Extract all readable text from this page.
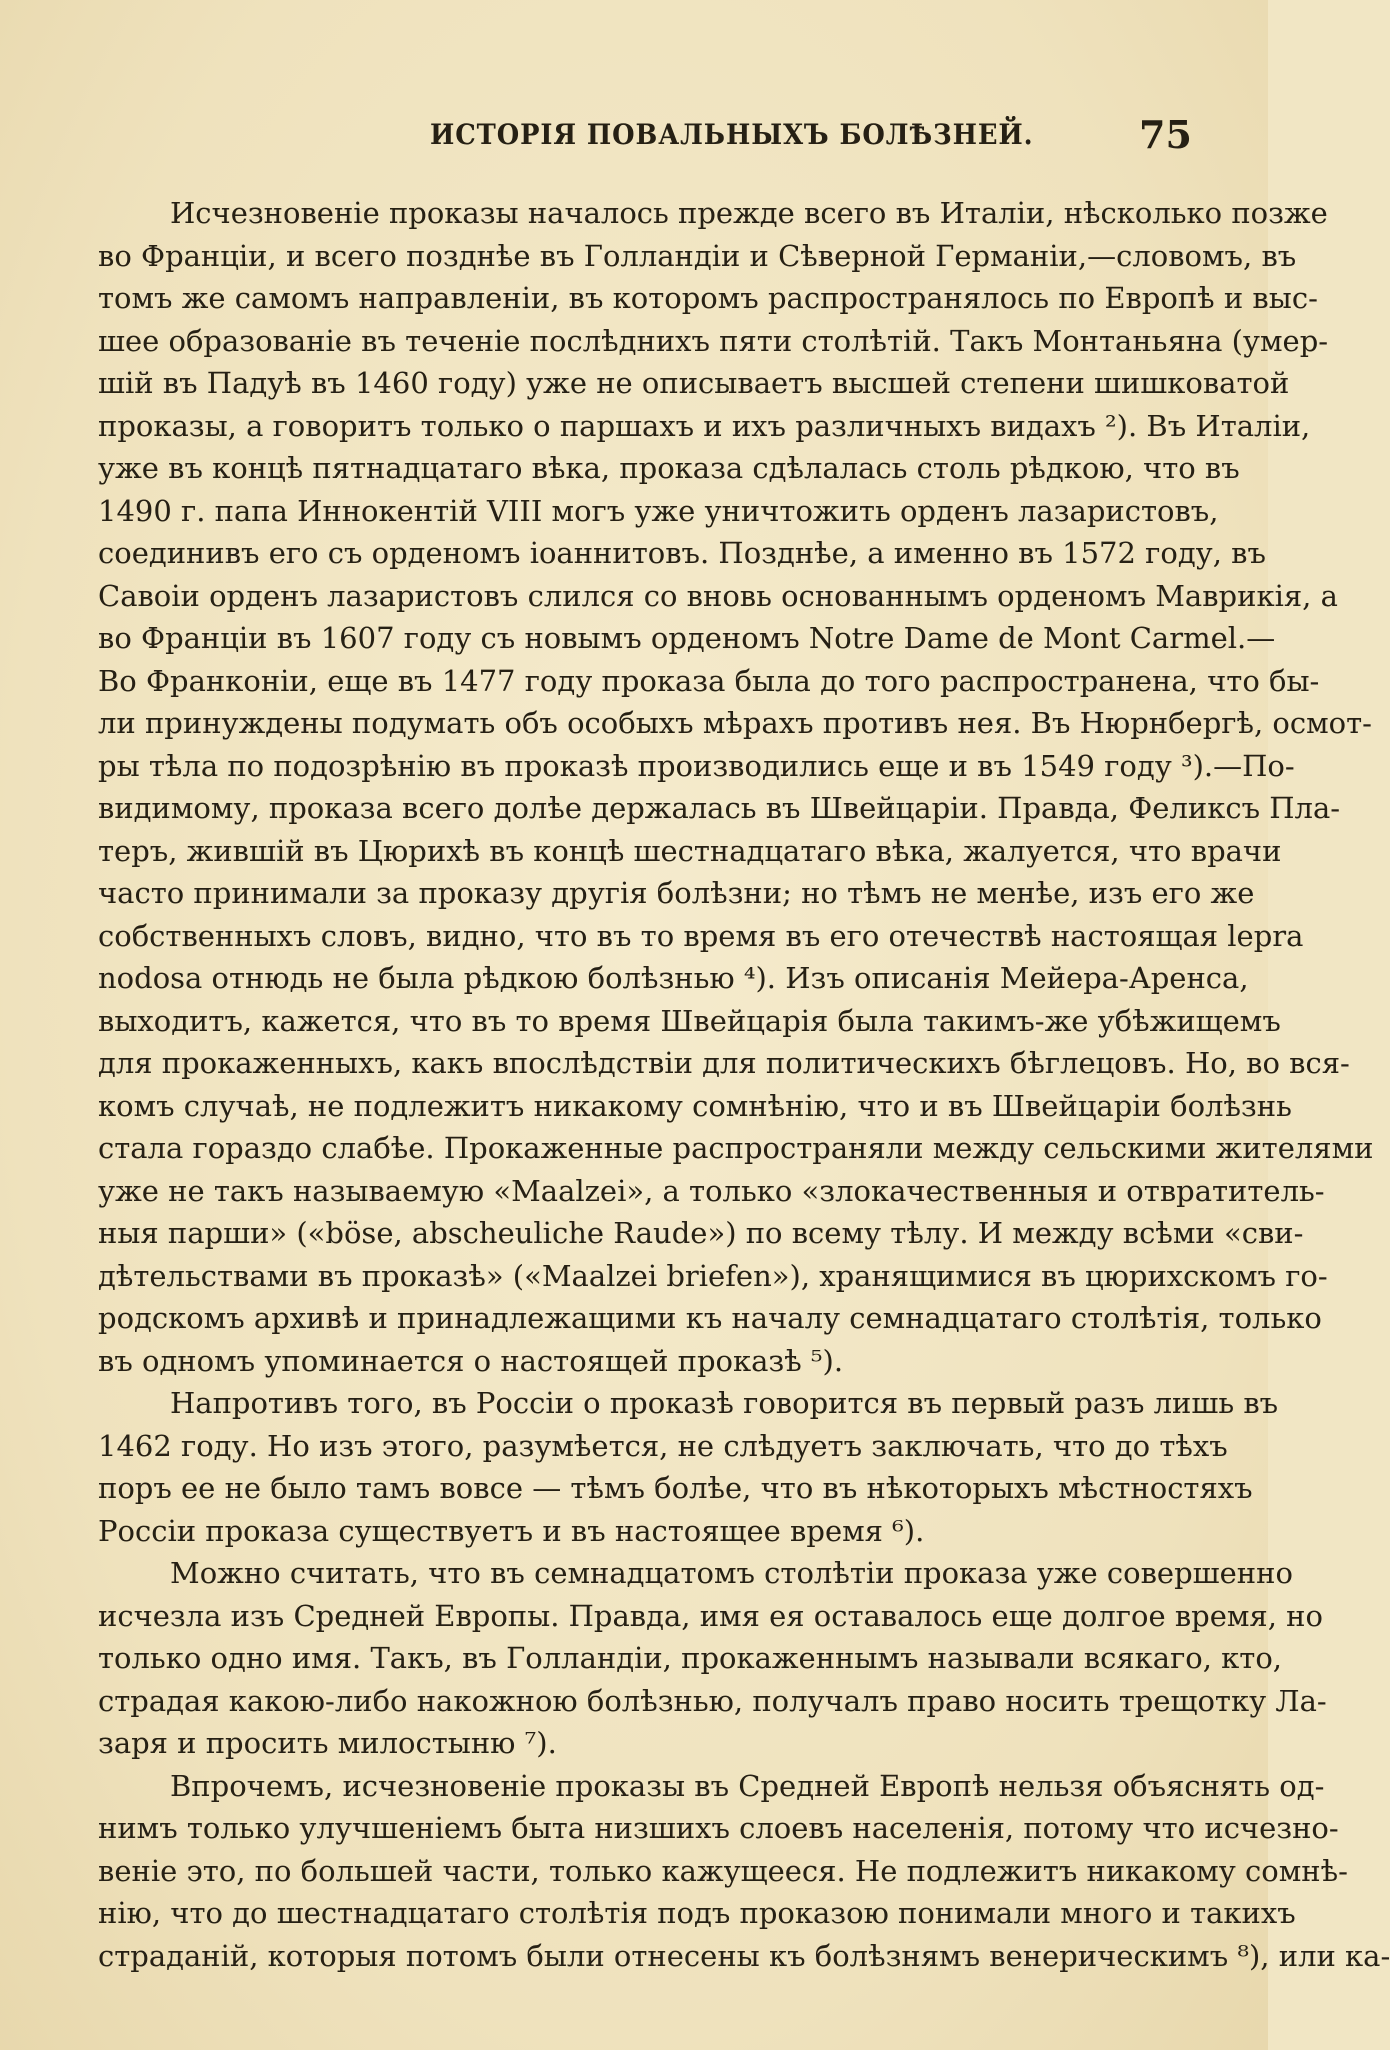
ИСТОРІЯ ПОВАЛЬНЫХЪ БОЛѢЗНЕЙ.	75
Исчезновеніе проказы началось прежде всего въ Италіи, нѣсколько позже
во Франціи, и всего позднѣе въ Голландіи и Сѣверной Германіи,—словомъ, въ
томъ же самомъ направленіи, въ которомъ распространялось по Европѣ и выс-
шее образованіе въ теченіе послѣднихъ пяти столѣтій. Такъ Монтаньяна (умер-
шій въ Падуѣ въ 1460 году) уже не описываетъ высшей степени шишковатой
проказы, а говоритъ только о паршахъ и ихъ различныхъ видахъ ²). Въ Италіи,
уже въ концѣ пятнадцатаго вѣка, проказа сдѣлалась столь рѣдкою, что въ
1490 г. папа Иннокентій VIII могъ уже уничтожить орденъ лазаристовъ,
соединивъ его съ орденомъ іоаннитовъ. Позднѣе, а именно въ 1572 году, въ
Савоіи орденъ лазаристовъ слился со вновь основаннымъ орденомъ Маврикія, а
во Франціи въ 1607 году съ новымъ орденомъ Notre Dame de Mont Carmel.—
Во Франконіи, еще въ 1477 году проказа была до того распространена, что бы-
ли принуждены подумать объ особыхъ мѣрахъ противъ нея. Въ Нюрнбергѣ, осмот-
ры тѣла по подозрѣнію въ проказѣ производились еще и въ 1549 году ³).—По-
видимому, проказа всего долѣе держалась въ Швейцаріи. Правда, Феликсъ Пла-
теръ, жившій въ Цюрихѣ въ концѣ шестнадцатаго вѣка, жалуется, что врачи
часто принимали за проказу другія болѣзни; но тѣмъ не менѣе, изъ его же
собственныхъ словъ, видно, что въ то время въ его отечествѣ настоящая lepra
nodosa отнюдь не была рѣдкою болѣзнью ⁴). Изъ описанія Мейера-Аренса,
выходитъ, кажется, что въ то время Швейцарія была такимъ-же убѣжищемъ
для прокаженныхъ, какъ впослѣдствіи для политическихъ бѣглецовъ. Но, во вся-
комъ случаѣ, не подлежитъ никакому сомнѣнію, что и въ Швейцаріи болѣзнь
стала гораздо слабѣе. Прокаженные распространяли между сельскими жителями
уже не такъ называемую «Maalzei», а только «злокачественныя и отвратитель-
ныя парши» («böse, abscheuliche Raude») по всему тѣлу. И между всѣми «сви-
дѣтельствами въ проказѣ» («Maalzei briefen»), хранящимися въ цюрихскомъ го-
родскомъ архивѣ и принадлежащими къ началу семнадцатаго столѣтія, только
въ одномъ упоминается о настоящей проказѣ ⁵).
Напротивъ того, въ Россіи о проказѣ говорится въ первый разъ лишь въ
1462 году. Но изъ этого, разумѣется, не слѣдуетъ заключать, что до тѣхъ
поръ ее не было тамъ вовсе — тѣмъ болѣе, что въ нѣкоторыхъ мѣстностяхъ
Россіи проказа существуетъ и въ настоящее время ⁶).
Можно считать, что въ семнадцатомъ столѣтіи проказа уже совершенно
исчезла изъ Средней Европы. Правда, имя ея оставалось еще долгое время, но
только одно имя. Такъ, въ Голландіи, прокаженнымъ называли всякаго, кто,
страдая какою-либо накожною болѣзнью, получалъ право носить трещотку Ла-
заря и просить милостыню ⁷).
Впрочемъ, исчезновеніе проказы въ Средней Европѣ нельзя объяснять од-
нимъ только улучшеніемъ быта низшихъ слоевъ населенія, потому что исчезно-
веніе это, по большей части, только кажущееся. Не подлежитъ никакому сомнѣ-
нію, что до шестнадцатаго столѣтія подъ проказою понимали много и такихъ
страданій, которыя потомъ были отнесены къ болѣзнямъ венерическимъ ⁸), или ка-
